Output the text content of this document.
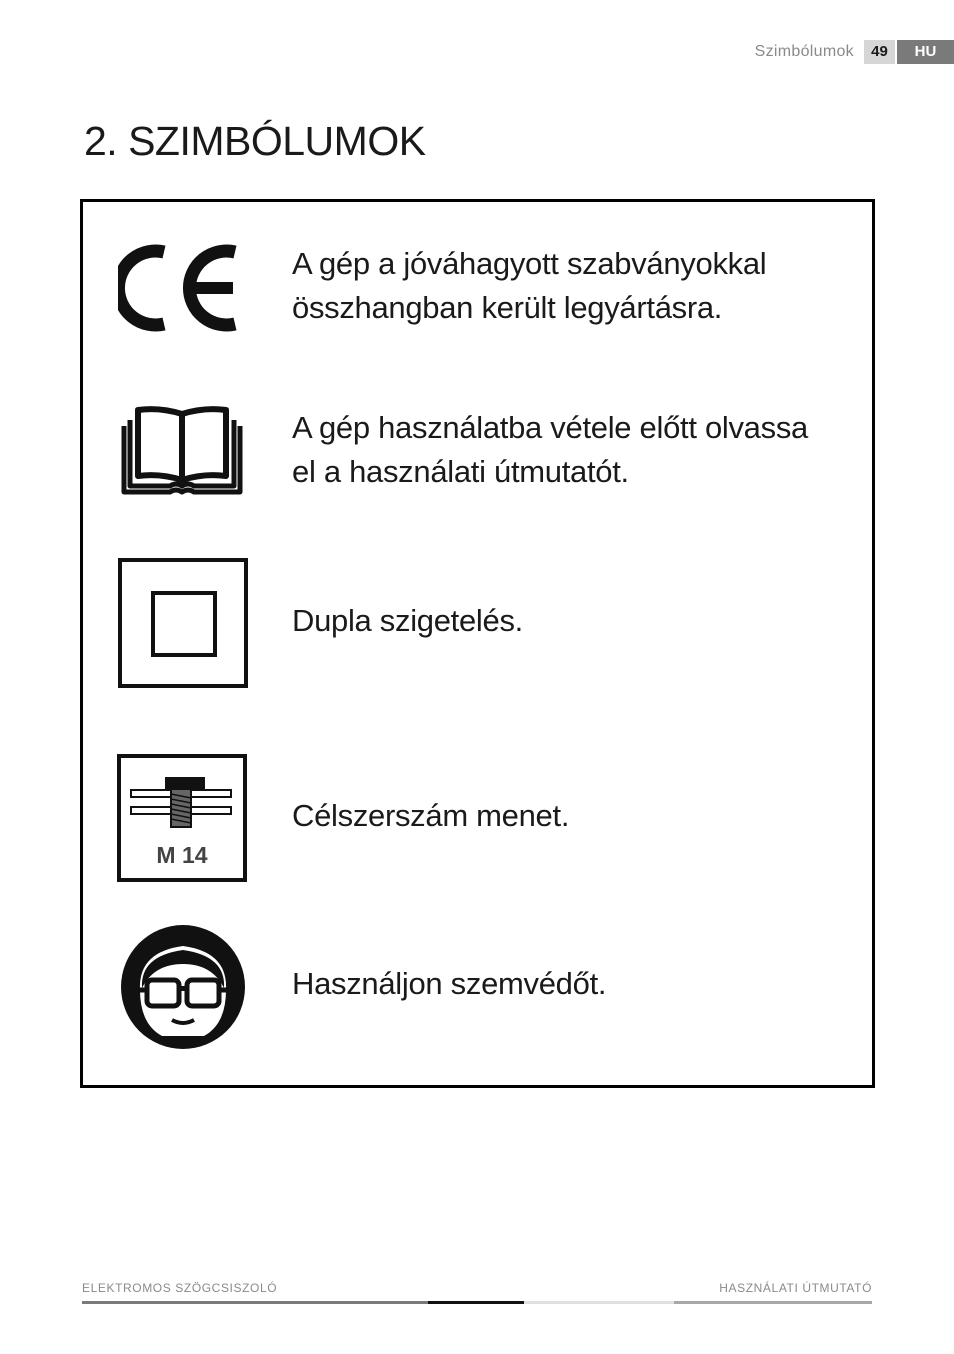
Szimbólumok	49	HU
2. SZIMBÓLUMOK
A gép a jóváhagyott szabványokkal
összhangban került legyártásra.
A gép használatba vétele előtt olvassa
el a használati útmutatót.
Dupla szigetelés.
M 14
Célszerszám menet.
Használjon szemvédőt.
ELEKTROMOS SZÖGCSISZOLÓ	HASZNÁLATI ÚTMUTATÓ
